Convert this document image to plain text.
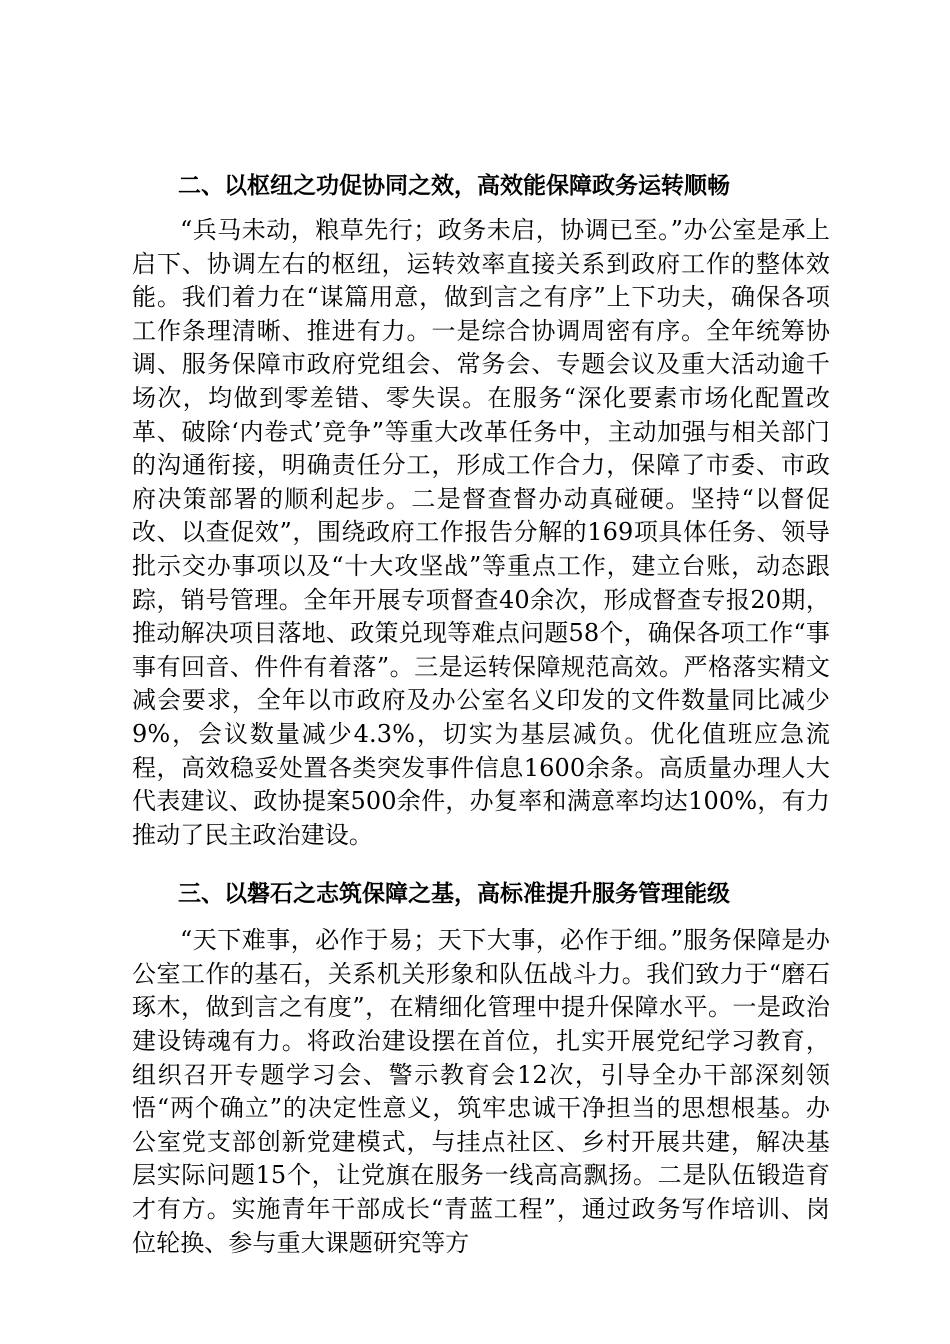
二、以枢纽之功促协同之效，高效能保障政务运转顺畅

“兵马未动，粮草先行；政务未启，协调已至。”办公室是承上启下、协调左右的枢纽，运转效率直接关系到政府工作的整体效能。我们着力在“谋篇用意，做到言之有序”上下功夫，确保各项工作条理清晰、推进有力。一是综合协调周密有序。全年统筹协调、服务保障市政府党组会、常务会、专题会议及重大活动逾千场次，均做到零差错、零失误。在服务“深化要素市场化配置改革、破除‘内卷式’竞争”等重大改革任务中，主动加强与相关部门的沟通衔接，明确责任分工，形成工作合力，保障了市委、市政府决策部署的顺利起步。二是督查督办动真碰硬。坚持“以督促改、以查促效”，围绕政府工作报告分解的169项具体任务、领导批示交办事项以及“十大攻坚战”等重点工作，建立台账，动态跟踪，销号管理。全年开展专项督查40余次，形成督查专报20期，推动解决项目落地、政策兑现等难点问题58个，确保各项工作“事事有回音、件件有着落”。三是运转保障规范高效。严格落实精文减会要求，全年以市政府及办公室名义印发的文件数量同比减少9%，会议数量减少4.3%，切实为基层减负。优化值班应急流程，高效稳妥处置各类突发事件信息1600余条。高质量办理人大代表建议、政协提案500余件，办复率和满意率均达100%，有力推动了民主政治建设。

三、以磐石之志筑保障之基，高标准提升服务管理能级

“天下难事，必作于易；天下大事，必作于细。”服务保障是办公室工作的基石，关系机关形象和队伍战斗力。我们致力于“磨石琢木，做到言之有度”，在精细化管理中提升保障水平。一是政治建设铸魂有力。将政治建设摆在首位，扎实开展党纪学习教育，组织召开专题学习会、警示教育会12次，引导全办干部深刻领悟“两个确立”的决定性意义，筑牢忠诚干净担当的思想根基。办公室党支部创新党建模式，与挂点社区、乡村开展共建，解决基层实际问题15个，让党旗在服务一线高高飘扬。二是队伍锻造育才有方。实施青年干部成长“青蓝工程”，通过政务写作培训、岗位轮换、参与重大课题研究等方
